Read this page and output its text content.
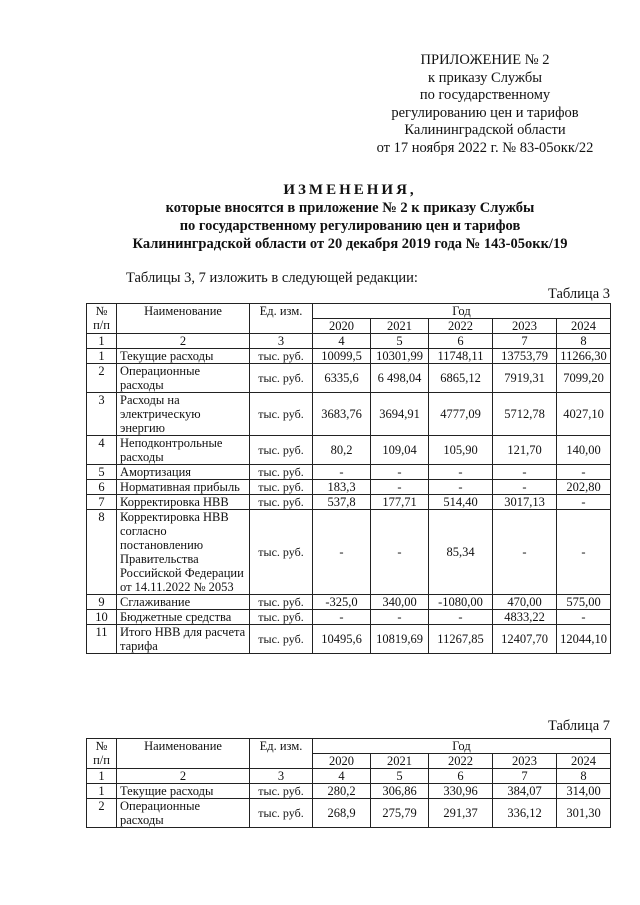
ПРИЛОЖЕНИЕ № 2
к приказу Службы
по государственному
регулированию цен и тарифов
Калининградской области
от 17 ноября 2022 г. № 83-05окк/22
ИЗМЕНЕНИЯ,
которые вносятся в приложение № 2 к приказу Службы
по государственному регулированию цен и тарифов
Калининградской области от 20 декабря 2019 года № 143-05окк/19
Таблицы 3, 7 изложить в следующей редакции:
Таблица 3
№ п/п	Наименование	Ед. изм.	Год				
			2020	2021	2022	2023	2024
1	2	3	4	5	6	7	8
1	Текущие расходы	тыс. руб.	10099,5	10301,99	11748,11	13753,79	11266,30
2	Операционные расходы	тыс. руб.	6335,6	6 498,04	6865,12	7919,31	7099,20
3	Расходы на электрическую энергию	тыс. руб.	3683,76	3694,91	4777,09	5712,78	4027,10
4	Неподконтрольные расходы	тыс. руб.	80,2	109,04	105,90	121,70	140,00
5	Амортизация	тыс. руб.	-	-	-	-	-
6	Нормативная прибыль	тыс. руб.	183,3	-	-	-	202,80
7	Корректировка НВВ	тыс. руб.	537,8	177,71	514,40	3017,13	-
8	Корректировка НВВ согласно постановлению Правительства Российской Федерации от 14.11.2022 № 2053	тыс. руб.	-	-	85,34	-	-
9	Сглаживание	тыс. руб.	-325,0	340,00	-1080,00	470,00	575,00
10	Бюджетные средства	тыс. руб.	-	-	-	4833,22	-
11	Итого НВВ для расчета тарифа	тыс. руб.	10495,6	10819,69	11267,85	12407,70	12044,10
Таблица 7
№ п/п	Наименование	Ед. изм.	Год				
			2020	2021	2022	2023	2024
1	2	3	4	5	6	7	8
1	Текущие расходы	тыс. руб.	280,2	306,86	330,96	384,07	314,00
2	Операционные расходы	тыс. руб.	268,9	275,79	291,37	336,12	301,30
